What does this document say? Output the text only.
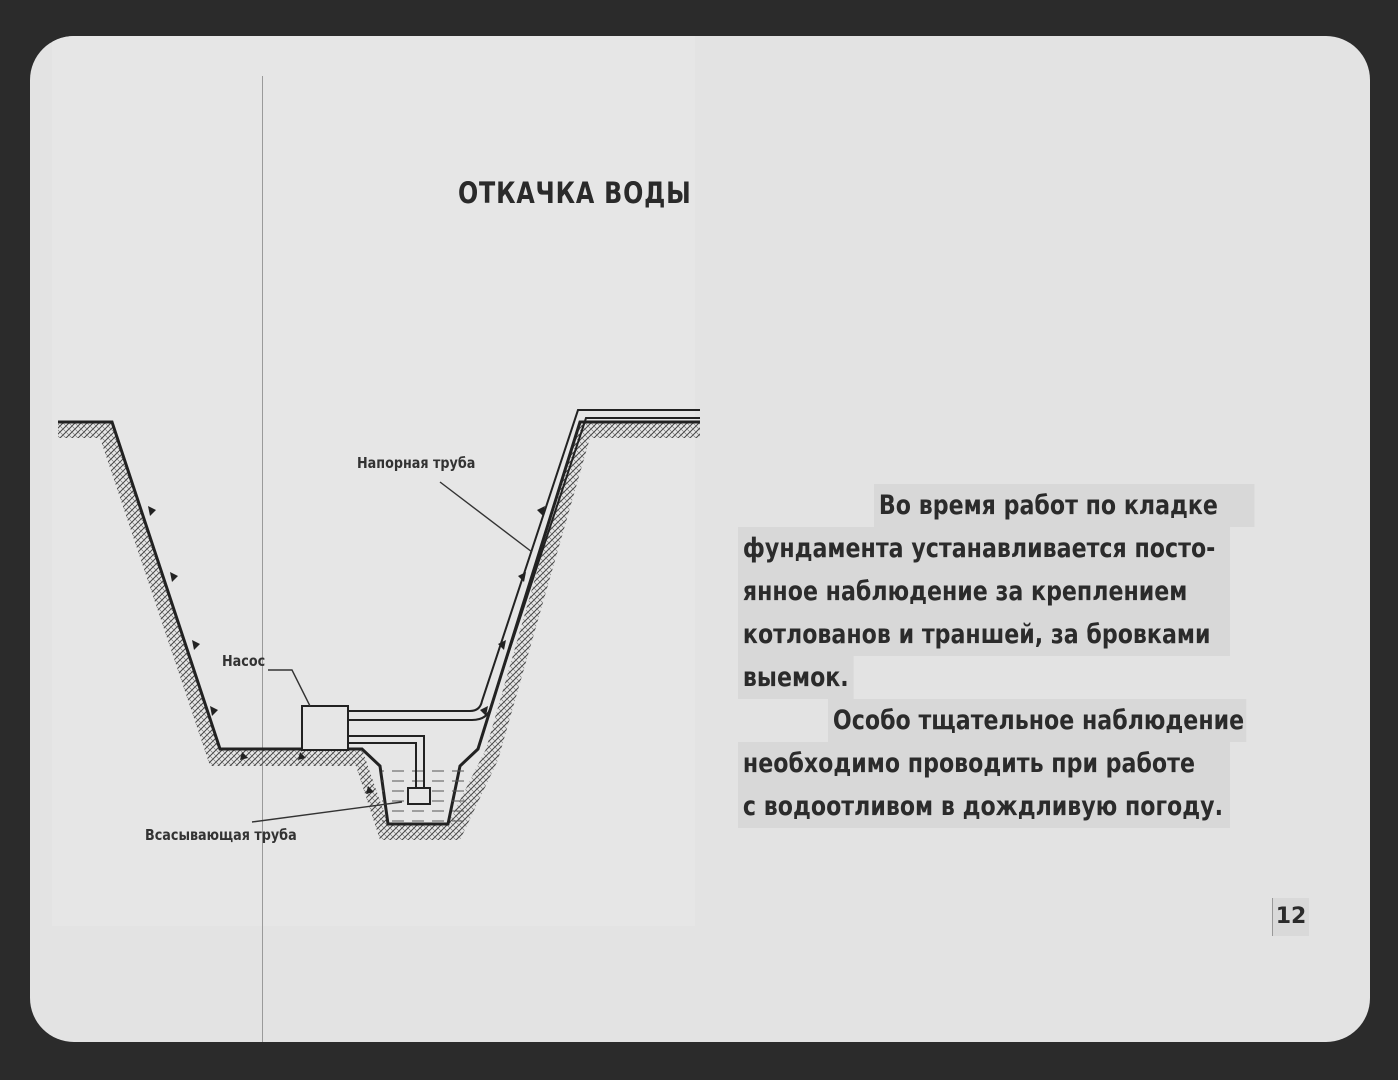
ОТКАЧКА ВОДЫ
Напорная труба
Насос
Всасывающая труба
Во время работ по кладке
фундамента устанавливается посто-
янное наблюдение за креплением
котлованов и траншей, за бровками
выемок.
Особо тщательное наблюдение
необходимо проводить при работе
с водоотливом в дождливую погоду.
12
